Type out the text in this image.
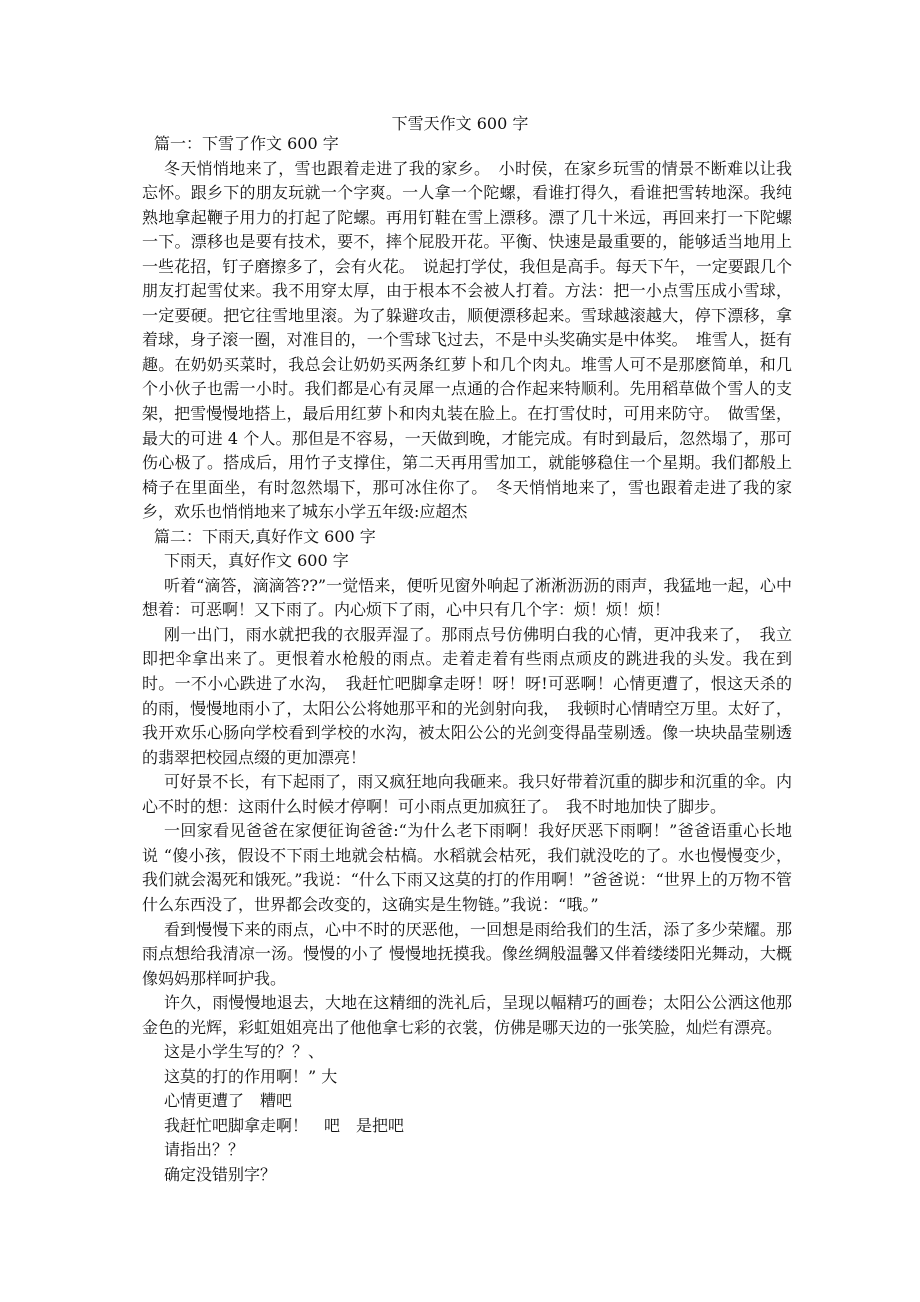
下雪天作文 600 字

篇一：下雪了作文 600 字

冬天悄悄地来了，雪也跟着走进了我的家乡。　小时侯，在家乡玩雪的情景不断难以让我忘怀。跟乡下的朋友玩就一个字爽。一人拿一个陀螺，看谁打得久，看谁把雪转地深。我纯熟地拿起鞭子用力的打起了陀螺。再用钉鞋在雪上漂移。漂了几十米远，再回来打一下陀螺一下。漂移也是要有技术，要不，摔个屁股开花。平衡、快速是最重要的，能够适当地用上一些花招，钉子磨擦多了，会有火花。　说起打学仗，我但是高手。每天下午，一定要跟几个朋友打起雪仗来。我不用穿太厚，由于根本不会被人打着。方法：把一小点雪压成小雪球，一定要硬。把它往雪地里滚。为了躲避攻击，顺便漂移起来。雪球越滚越大，停下漂移，拿着球，身子滚一圈，对准目的，一个雪球飞过去，不是中头奖确实是中体奖。　堆雪人，挺有趣。在奶奶买菜时，我总会让奶奶买两条红萝卜和几个肉丸。堆雪人可不是那麽简单，和几个小伙子也需一小时。我们都是心有灵犀一点通的合作起来特顺利。先用稻草做个雪人的支架，把雪慢慢地搭上，最后用红萝卜和肉丸装在脸上。在打雪仗时，可用来防守。　做雪堡，最大的可进 4 个人。那但是不容易，一天做到晚，才能完成。有时到最后，忽然塌了，那可伤心极了。搭成后，用竹子支撑住，第二天再用雪加工，就能够稳住一个星期。我们都般上椅子在里面坐，有时忽然塌下，那可冰住你了。　冬天悄悄地来了，雪也跟着走进了我的家乡，欢乐也悄悄地来了城东小学五年级:应超杰

篇二：下雨天,真好作文 600 字

下雨天，真好作文 600 字

听着“滴答，滴滴答??”一觉悟来，便听见窗外响起了淅淅沥沥的雨声，我猛地一起，心中想着：可恶啊！又下雨了。内心烦下了雨，心中只有几个字：烦！烦！烦！

刚一出门，雨水就把我的衣服弄湿了。那雨点号仿佛明白我的心情，更冲我来了，　我立即把伞拿出来了。更恨着水枪般的雨点。走着走着有些雨点顽皮的跳进我的头发。我在到时。一不小心跌进了水沟，　我赶忙吧脚拿走呀！呀！呀!可恶啊！心情更遭了，恨这天杀的的雨，慢慢地雨小了，太阳公公将她那平和的光剑射向我，　我顿时心情晴空万里。太好了，我开欢乐心肠向学校看到学校的水沟，被太阳公公的光剑变得晶莹剔透。像一块块晶莹剔透的翡翠把校园点缀的更加漂亮！

可好景不长，有下起雨了，雨又疯狂地向我砸来。我只好带着沉重的脚步和沉重的伞。内心不时的想：这雨什么时候才停啊！可小雨点更加疯狂了。　我不时地加快了脚步。

一回家看见爸爸在家便征询爸爸:“为什么老下雨啊！我好厌恶下雨啊！”爸爸语重心长地说 “傻小孩，假设不下雨土地就会枯槁。水稻就会枯死，我们就没吃的了。水也慢慢变少，我们就会渴死和饿死。”我说：“什么下雨又这莫的打的作用啊！”爸爸说：“世界上的万物不管什么东西没了，世界都会改变的，这确实是生物链。”我说：“哦。”

看到慢慢下来的雨点，心中不时的厌恶他，一回想是雨给我们的生活，添了多少荣耀。那雨点想给我清凉一汤。慢慢的小了 慢慢地抚摸我。像丝绸般温馨又伴着缕缕阳光舞动，大概像妈妈那样呵护我。

许久，雨慢慢地退去，大地在这精细的洗礼后，呈现以幅精巧的画卷；太阳公公洒这他那金色的光辉，彩虹姐姐亮出了他他拿七彩的衣裳，仿佛是哪天边的一张笑脸，灿烂有漂亮。

这是小学生写的？？、

这莫的打的作用啊！” 大

心情更遭了　糟吧

我赶忙吧脚拿走啊！　吧　是把吧

请指出？？

确定没错别字？
